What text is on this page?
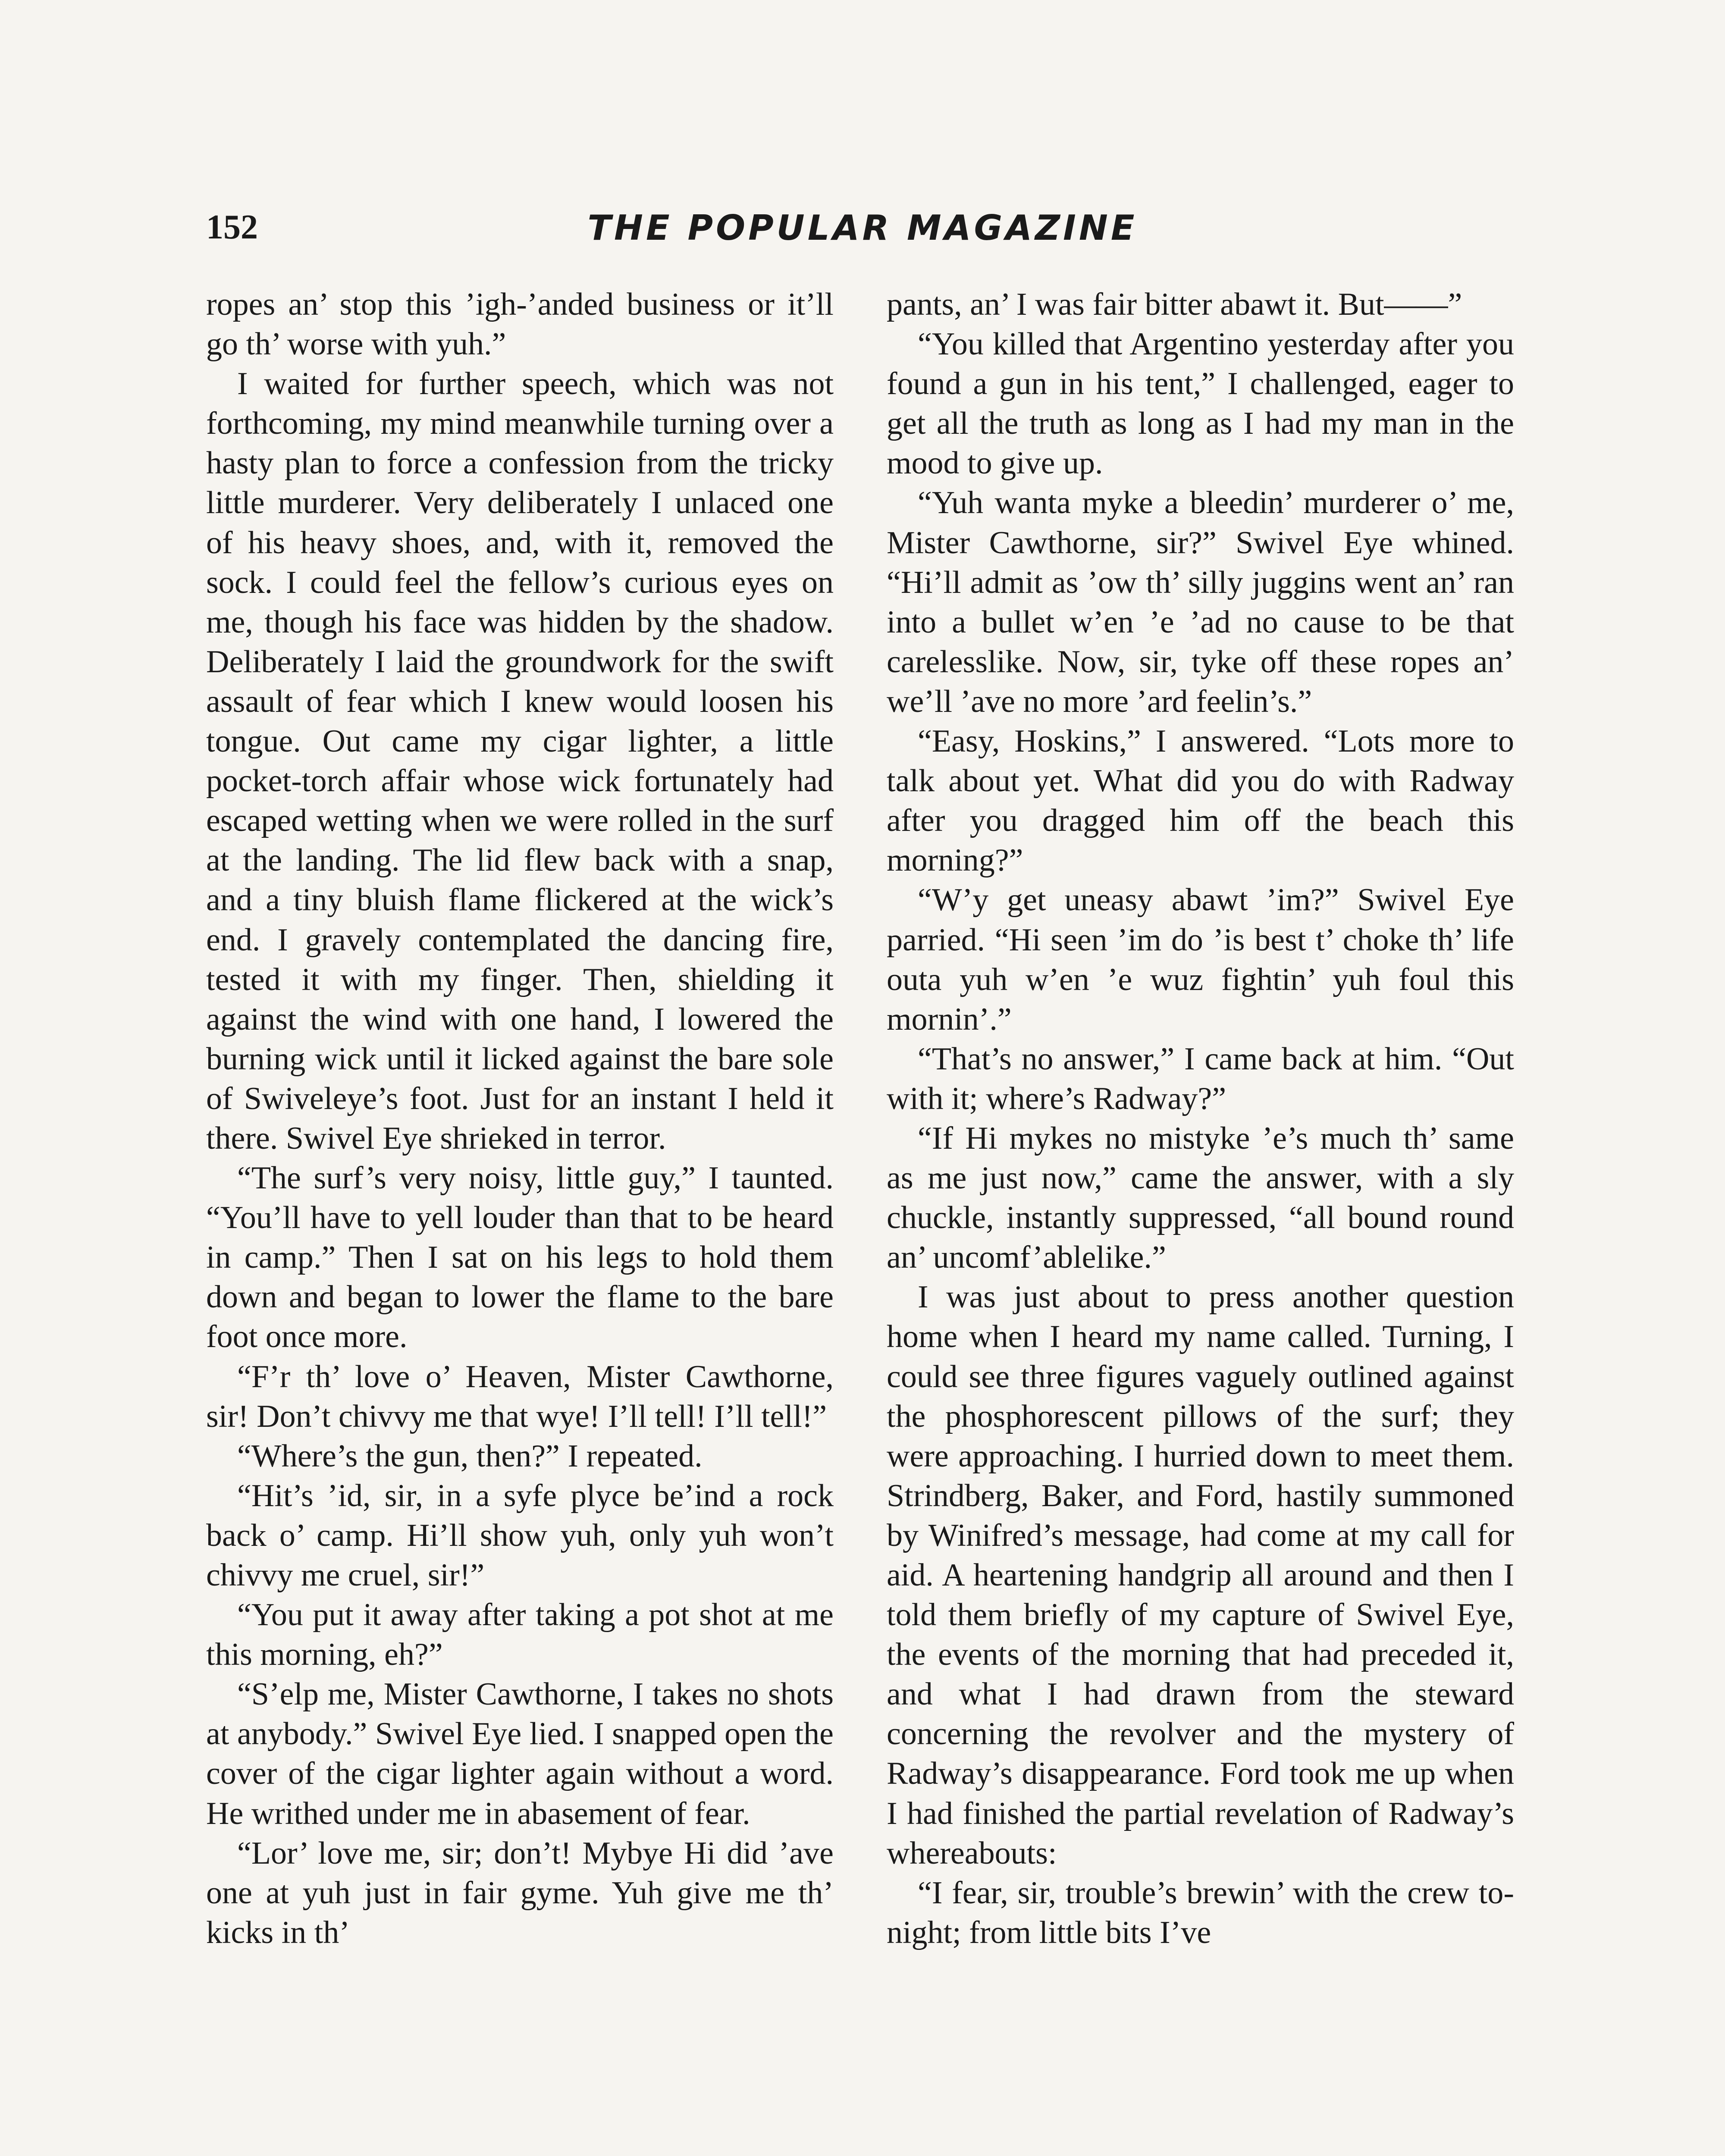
152	THE POPULAR MAGAZINE

ropes an’ stop this ’igh-’anded business or it’ll go th’ worse with yuh.”

I waited for further speech, which was not forthcoming, my mind meanwhile turning over a hasty plan to force a confession from the tricky little murderer. Very deliberately I unlaced one of his heavy shoes, and, with it, removed the sock. I could feel the fellow’s curious eyes on me, though his face was hidden by the shadow. Deliberately I laid the groundwork for the swift assault of fear which I knew would loosen his tongue. Out came my cigar lighter, a little pocket-torch affair whose wick fortunately had escaped wetting when we were rolled in the surf at the landing. The lid flew back with a snap, and a tiny bluish flame flickered at the wick’s end. I gravely contemplated the dancing fire, tested it with my finger. Then, shielding it against the wind with one hand, I lowered the burning wick until it licked against the bare sole of Swiveleye’s foot. Just for an instant I held it there. Swivel Eye shrieked in terror.

“The surf’s very noisy, little guy,” I taunted. “You’ll have to yell louder than that to be heard in camp.” Then I sat on his legs to hold them down and began to lower the flame to the bare foot once more.

“F’r th’ love o’ Heaven, Mister Cawthorne, sir! Don’t chivvy me that wye! I’ll tell! I’ll tell!”

“Where’s the gun, then?” I repeated.

“Hit’s ’id, sir, in a syfe plyce be’ind a rock back o’ camp. Hi’ll show yuh, only yuh won’t chivvy me cruel, sir!”

“You put it away after taking a pot shot at me this morning, eh?”

“S’elp me, Mister Cawthorne, I takes no shots at anybody.” Swivel Eye lied. I snapped open the cover of the cigar lighter again without a word. He writhed under me in abasement of fear.

“Lor’ love me, sir; don’t! Mybye Hi did ’ave one at yuh just in fair gyme. Yuh give me th’ kicks in th’

pants, an’ I was fair bitter abawt it. But——”

“You killed that Argentino yesterday after you found a gun in his tent,” I challenged, eager to get all the truth as long as I had my man in the mood to give up.

“Yuh wanta myke a bleedin’ murderer o’ me, Mister Cawthorne, sir?” Swivel Eye whined. “Hi’ll admit as ’ow th’ silly juggins went an’ ran into a bullet w’en ’e ’ad no cause to be that carelesslike. Now, sir, tyke off these ropes an’ we’ll ’ave no more ’ard feelin’s.”

“Easy, Hoskins,” I answered. “Lots more to talk about yet. What did you do with Radway after you dragged him off the beach this morning?”

“W’y get uneasy abawt ’im?” Swivel Eye parried. “Hi seen ’im do ’is best t’ choke th’ life outa yuh w’en ’e wuz fightin’ yuh foul this mornin’.”

“That’s no answer,” I came back at him. “Out with it; where’s Radway?”

“If Hi mykes no mistyke ’e’s much th’ same as me just now,” came the answer, with a sly chuckle, instantly suppressed, “all bound round an’ uncomf’ablelike.”

I was just about to press another question home when I heard my name called. Turning, I could see three figures vaguely outlined against the phosphorescent pillows of the surf; they were approaching. I hurried down to meet them. Strindberg, Baker, and Ford, hastily summoned by Winifred’s message, had come at my call for aid. A heartening handgrip all around and then I told them briefly of my capture of Swivel Eye, the events of the morning that had preceded it, and what I had drawn from the steward concerning the revolver and the mystery of Radway’s disappearance. Ford took me up when I had finished the partial revelation of Radway’s whereabouts:

“I fear, sir, trouble’s brewin’ with the crew to-night; from little bits I’ve
